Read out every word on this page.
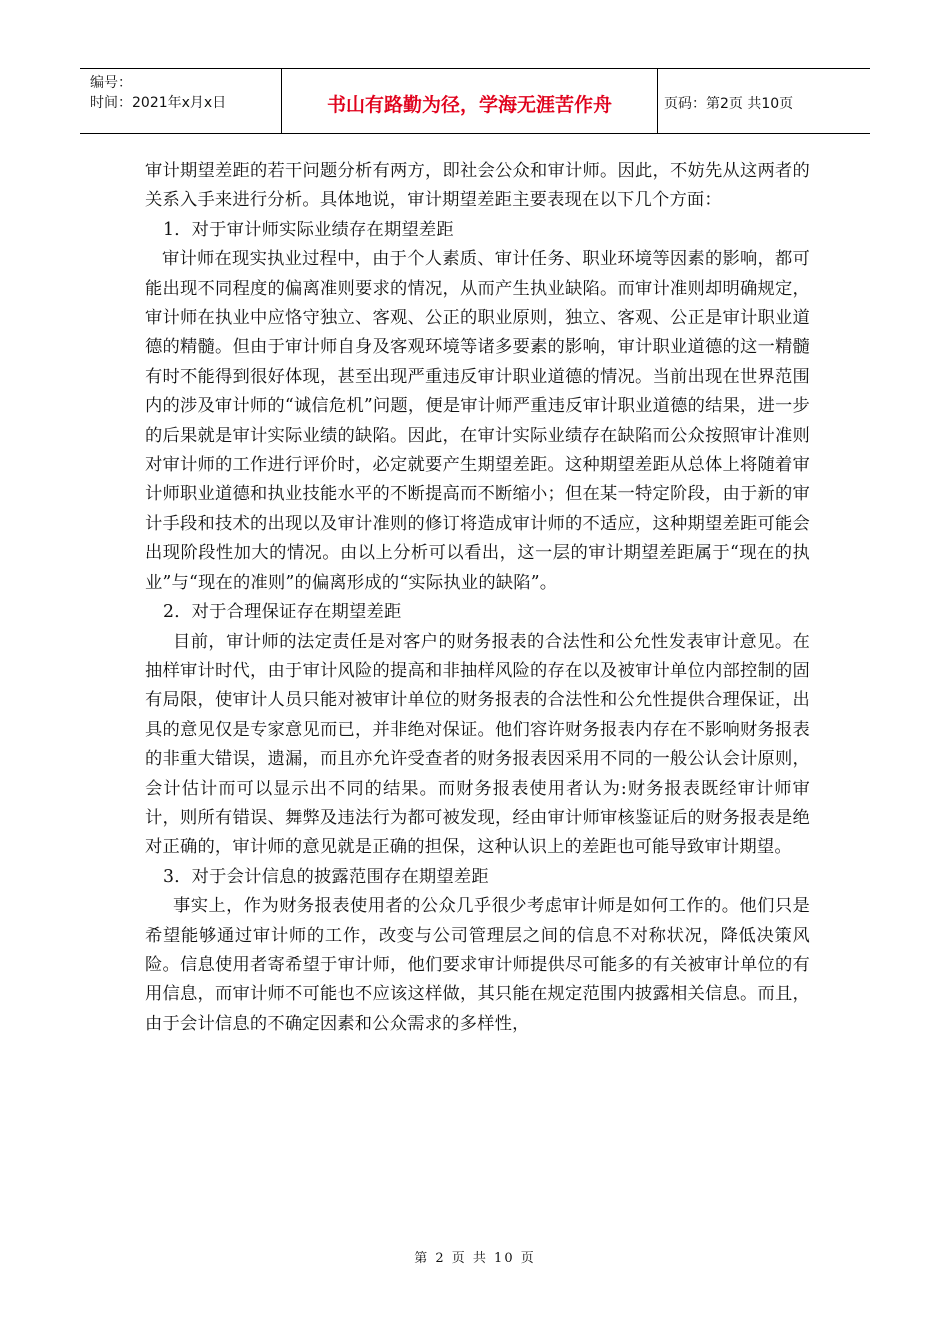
编号：
时间：2021年x月x日	书山有路勤为径，学海无涯苦作舟	页码：第2页 共10页

审计期望差距的若干问题分析有两方，即社会公众和审计师。因此，不妨先从这两者的关系入手来进行分析。具体地说，审计期望差距主要表现在以下几个方面：

1．对于审计师实际业绩存在期望差距

审计师在现实执业过程中，由于个人素质、审计任务、职业环境等因素的影响，都可能出现不同程度的偏离准则要求的情况，从而产生执业缺陷。而审计准则却明确规定，审计师在执业中应恪守独立、客观、公正的职业原则，独立、客观、公正是审计职业道德的精髓。但由于审计师自身及客观环境等诸多要素的影响，审计职业道德的这一精髓有时不能得到很好体现，甚至出现严重违反审计职业道德的情况。当前出现在世界范围内的涉及审计师的“诚信危机”问题，便是审计师严重违反审计职业道德的结果，进一步的后果就是审计实际业绩的缺陷。因此，在审计实际业绩存在缺陷而公众按照审计准则对审计师的工作进行评价时，必定就要产生期望差距。这种期望差距从总体上将随着审计师职业道德和执业技能水平的不断提高而不断缩小；但在某一特定阶段，由于新的审计手段和技术的出现以及审计准则的修订将造成审计师的不适应，这种期望差距可能会出现阶段性加大的情况。由以上分析可以看出，这一层的审计期望差距属于“现在的执业”与“现在的准则”的偏离形成的“实际执业的缺陷”。

2．对于合理保证存在期望差距

目前，审计师的法定责任是对客户的财务报表的合法性和公允性发表审计意见。在抽样审计时代，由于审计风险的提高和非抽样风险的存在以及被审计单位内部控制的固有局限，使审计人员只能对被审计单位的财务报表的合法性和公允性提供合理保证，出具的意见仅是专家意见而已，并非绝对保证。他们容许财务报表内存在不影响财务报表的非重大错误，遗漏，而且亦允许受查者的财务报表因采用不同的一般公认会计原则，会计估计而可以显示出不同的结果。而财务报表使用者认为:财务报表既经审计师审计，则所有错误、舞弊及违法行为都可被发现，经由审计师审核鉴证后的财务报表是绝对正确的，审计师的意见就是正确的担保，这种认识上的差距也可能导致审计期望。

3．对于会计信息的披露范围存在期望差距

事实上，作为财务报表使用者的公众几乎很少考虑审计师是如何工作的。他们只是希望能够通过审计师的工作，改变与公司管理层之间的信息不对称状况，降低决策风险。信息使用者寄希望于审计师，他们要求审计师提供尽可能多的有关被审计单位的有用信息，而审计师不可能也不应该这样做，其只能在规定范围内披露相关信息。而且，由于会计信息的不确定因素和公众需求的多样性，

第 2 页 共 10 页
